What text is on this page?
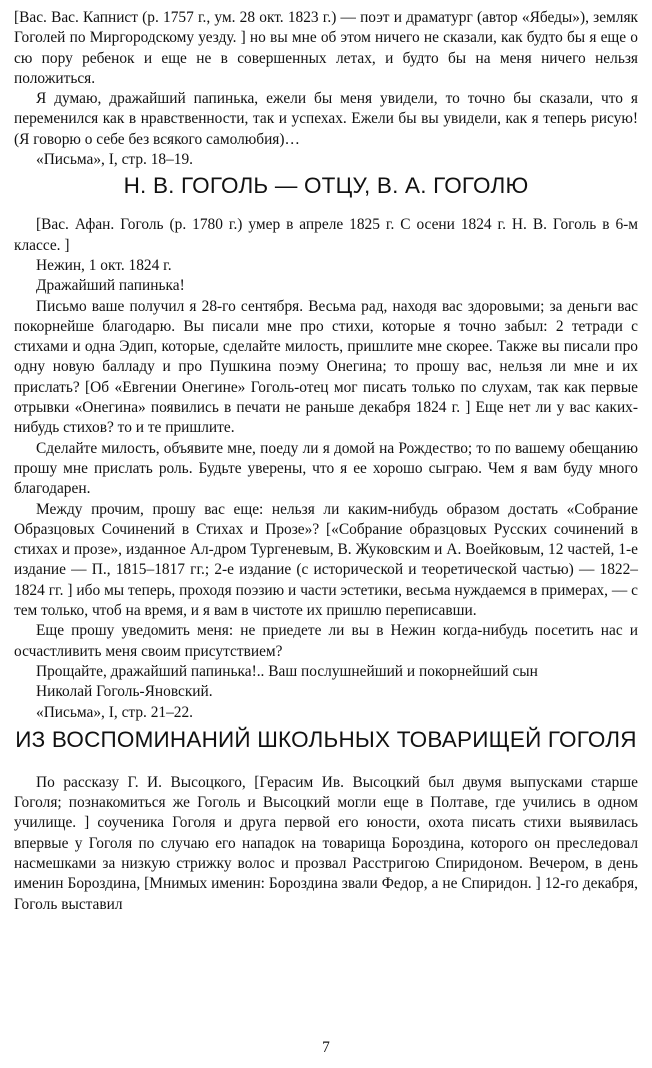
[Вас. Вас. Капнист (р. 1757 г., ум. 28 окт. 1823 г.) — поэт и драматург (автор «Ябеды»), земляк Гоголей по Миргородскому уезду. ] но вы мне об этом ничего не сказали, как будто бы я еще о сю пору ребенок и еще не в совершенных летах, и будто бы на меня ничего нельзя положиться.

Я думаю, дражайший папинька, ежели бы меня увидели, то точно бы сказали, что я переменился как в нравственности, так и успехах. Ежели бы вы увидели, как я теперь рисую! (Я говорю о себе без всякого самолюбия)…

«Письма», I, стр. 18–19.

Н. В. ГОГОЛЬ — ОТЦУ, В. А. ГОГОЛЮ

[Вас. Афан. Гоголь (р. 1780 г.) умер в апреле 1825 г. С осени 1824 г. Н. В. Гоголь в 6-м классе. ]

Нежин, 1 окт. 1824 г.

Дражайший папинька!

Письмо ваше получил я 28-го сентября. Весьма рад, находя вас здоровыми; за деньги вас покорнейше благодарю. Вы писали мне про стихи, которые я точно забыл: 2 тетради с стихами и одна Эдип, которые, сделайте милость, пришлите мне скорее. Также вы писали про одну новую балладу и про Пушкина поэму Онегина; то прошу вас, нельзя ли мне и их прислать? [Об «Евгении Онегине» Гоголь-отец мог писать только по слухам, так как первые отрывки «Онегина» появились в печати не раньше декабря 1824 г. ] Еще нет ли у вас каких-нибудь стихов? то и те пришлите.

Сделайте милость, объявите мне, поеду ли я домой на Рождество; то по вашему обещанию прошу мне прислать роль. Будьте уверены, что я ее хорошо сыграю. Чем я вам буду много благодарен.

Между прочим, прошу вас еще: нельзя ли каким-нибудь образом достать «Собрание Образцовых Сочинений в Стихах и Прозе»? [«Собрание образцовых Русских сочинений в стихах и прозе», изданное Ал-дром Тургеневым, В. Жуковским и А. Воейковым, 12 частей, 1-е издание — П., 1815–1817 гг.; 2-е издание (с исторической и теоретической частью) — 1822–1824 гг. ] ибо мы теперь, проходя поэзию и части эстетики, весьма нуждаемся в примерах, — с тем только, чтоб на время, и я вам в чистоте их пришлю переписавши.

Еще прошу уведомить меня: не приедете ли вы в Нежин когда-нибудь посетить нас и осчастливить меня своим присутствием?

Прощайте, дражайший папинька!.. Ваш послушнейший и покорнейший сын

Николай Гоголь-Яновский.

«Письма», I, стр. 21–22.

ИЗ ВОСПОМИНАНИЙ ШКОЛЬНЫХ ТОВАРИЩЕЙ ГОГОЛЯ

По рассказу Г. И. Высоцкого, [Герасим Ив. Высоцкий был двумя выпусками старше Гоголя; познакомиться же Гоголь и Высоцкий могли еще в Полтаве, где учились в одном училище. ] соученика Гоголя и друга первой его юности, охота писать стихи выявилась впервые у Гоголя по случаю его нападок на товарища Бороздина, которого он преследовал насмешками за низкую стрижку волос и прозвал Расстригою Спиридоном. Вечером, в день именин Бороздина, [Мнимых именин: Бороздина звали Федор, а не Спиридон. ] 12-го декабря, Гоголь выставил

7
